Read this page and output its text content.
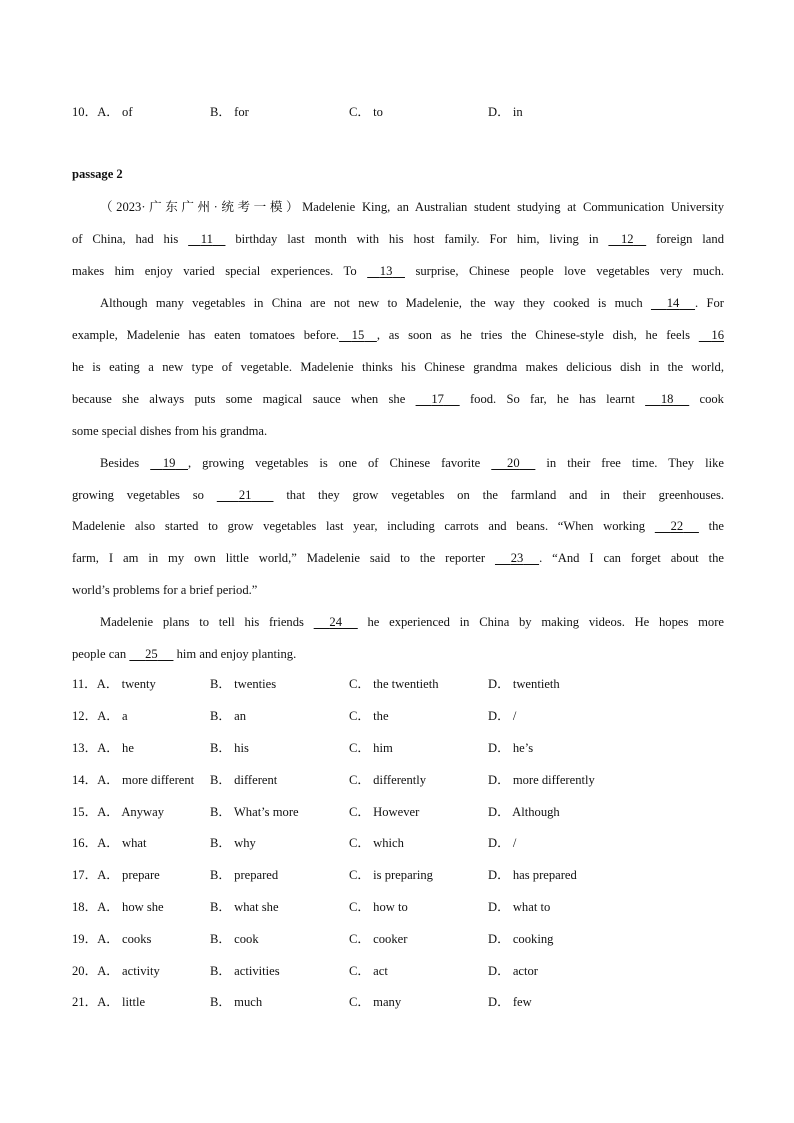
10．A． of	B． for	C． to	D． in
passage 2
（2023·广东广州·统考一模）Madelenie King, an Australian student studying at Communication University
of China, had his 11 birthday last month with his host family. For him, living in 12 foreign land
makes him enjoy varied special experiences. To 13 surprise, Chinese people love vegetables very much.
Although many vegetables in China are not new to Madelenie, the way they cooked is much 14 . For
example, Madelenie has eaten tomatoes before. 15 , as soon as he tries the Chinese-style dish, he feels 16
he is eating a new type of vegetable. Madelenie thinks his Chinese grandma makes delicious dish in the world,
because she always puts some magical sauce when she 17 food. So far, he has learnt 18 cook
some special dishes from his grandma.
Besides 19 , growing vegetables is one of Chinese favorite 20 in their free time. They like
growing vegetables so	21	that they grow vegetables on the farmland and in their greenhouses.
Madelenie also started to grow vegetables last year, including carrots and beans. “When working 22 the
farm, I am in my own little world,” Madelenie said to the reporter 23 . “And I can forget about the
world’s problems for a brief period.”
Madelenie plans to tell his friends 24 he experienced in China by making videos. He hopes more
people can 25 him and enjoy planting.
11．A． twenty	B． twenties	C． the twentieth	D． twentieth
12．A． a	B． an	C． the	D． /
13．A． he	B． his	C． him	D． he’s
14．A． more different B． different	C． differently	D． more differently
15．A． Anyway	B． What’s more	C． However	D． Although
16．A． what	B． why	C． which	D． /
17．A． prepare	B． prepared	C． is preparing	D． has prepared
18．A． how she	B． what she	C． how to	D． what to
19．A． cooks	B． cook	C． cooker	D． cooking
20．A． activity	B． activities	C． act	D． actor
21．A． little	B． much	C． many	D． few
